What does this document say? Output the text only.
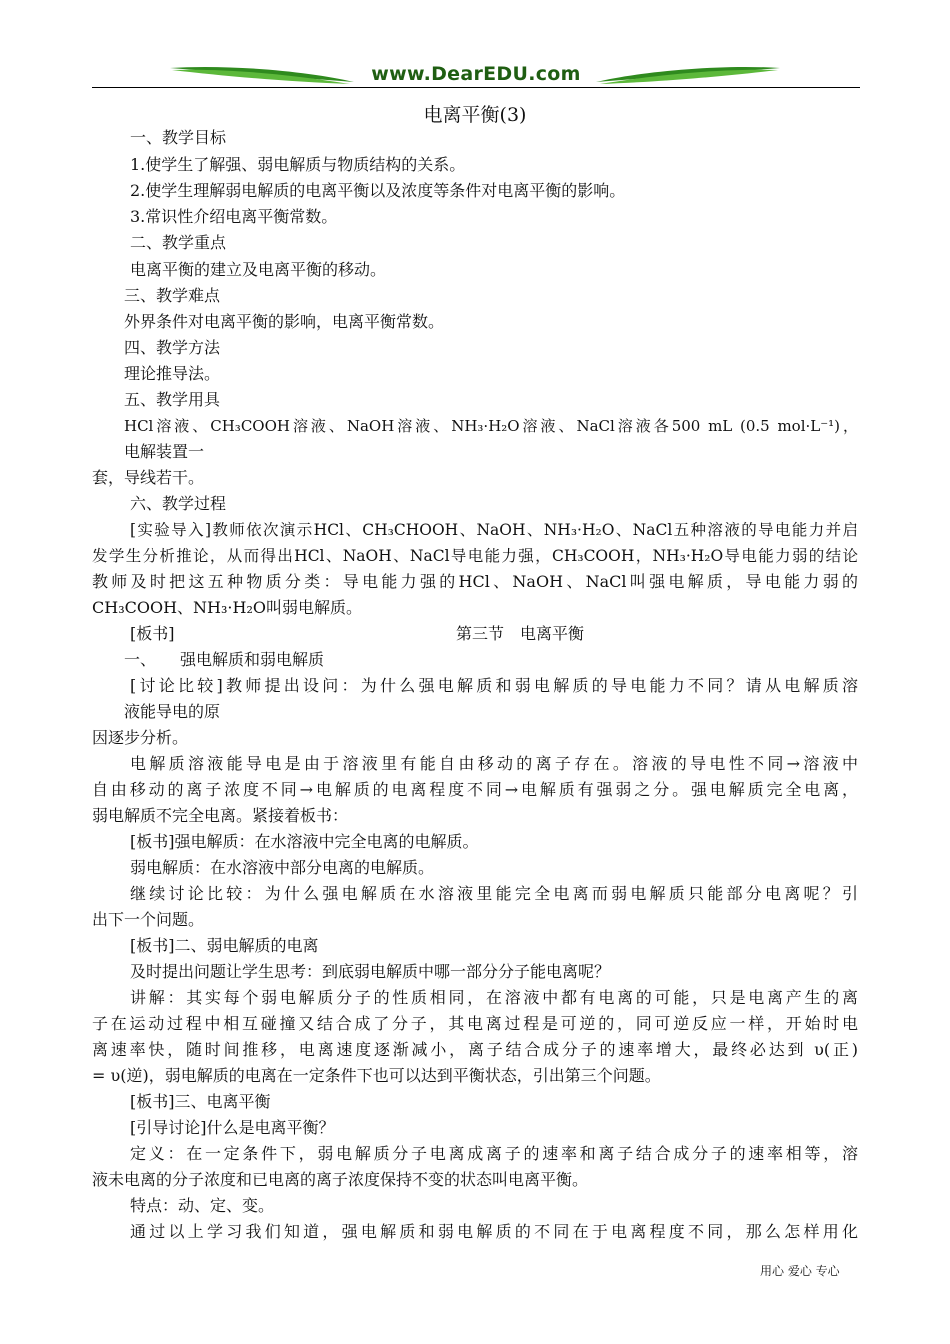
www.DearEDU.com
电离平衡(3)
一、教学目标
1.使学生了解强、弱电解质与物质结构的关系。
2.使学生理解弱电解质的电离平衡以及浓度等条件对电离平衡的影响。
3.常识性介绍电离平衡常数。
二、教学重点
电离平衡的建立及电离平衡的移动。
三、教学难点
外界条件对电离平衡的影响，电离平衡常数。
四、教学方法
理论推导法。
五、教学用具
HCl溶液、CH₃COOH溶液、NaOH溶液、NH₃·H₂O溶液、NaCl溶液各500 mL (0.5 mol·L⁻¹)，
电解装置一
套，导线若干。
六、教学过程
[实验导入]教师依次演示HCl、CH₃CHOOH、NaOH、NH₃·H₂O、NaCl五种溶液的导电能力并启
发学生分析推论，从而得出HCl、NaOH、NaCl导电能力强，CH₃COOH，NH₃·H₂O导电能力弱的结论
教师及时把这五种物质分类：导电能力强的HCl、NaOH、NaCl叫强电解质，导电能力弱的
CH₃COOH、NH₃·H₂O叫弱电解质。
[板书]	第三节　电离平衡
一、　　强电解质和弱电解质
[讨论比较]教师提出设问：为什么强电解质和弱电解质的导电能力不同？请从电解质溶
液能导电的原
因逐步分析。
电解质溶液能导电是由于溶液里有能自由移动的离子存在。溶液的导电性不同→溶液中
自由移动的离子浓度不同→电解质的电离程度不同→电解质有强弱之分。强电解质完全电离，
弱电解质不完全电离。紧接着板书：
[板书]强电解质：在水溶液中完全电离的电解质。
弱电解质：在水溶液中部分电离的电解质。
继续讨论比较：为什么强电解质在水溶液里能完全电离而弱电解质只能部分电离呢？引
出下一个问题。
[板书]二、弱电解质的电离
及时提出问题让学生思考：到底弱电解质中哪一部分分子能电离呢？
讲解：其实每个弱电解质分子的性质相同，在溶液中都有电离的可能，只是电离产生的离
子在运动过程中相互碰撞又结合成了分子，其电离过程是可逆的，同可逆反应一样，开始时电
离速率快，随时间推移，电离速度逐渐减小，离子结合成分子的速率增大，最终必达到 υ(正)
= υ(逆)，弱电解质的电离在一定条件下也可以达到平衡状态，引出第三个问题。
[板书]三、电离平衡
[引导讨论]什么是电离平衡？
定义：在一定条件下，弱电解质分子电离成离子的速率和离子结合成分子的速率相等，溶
液未电离的分子浓度和已电离的离子浓度保持不变的状态叫电离平衡。
特点：动、定、变。
通过以上学习我们知道，强电解质和弱电解质的不同在于电离程度不同，那么怎样用化
用心 爱心 专心
